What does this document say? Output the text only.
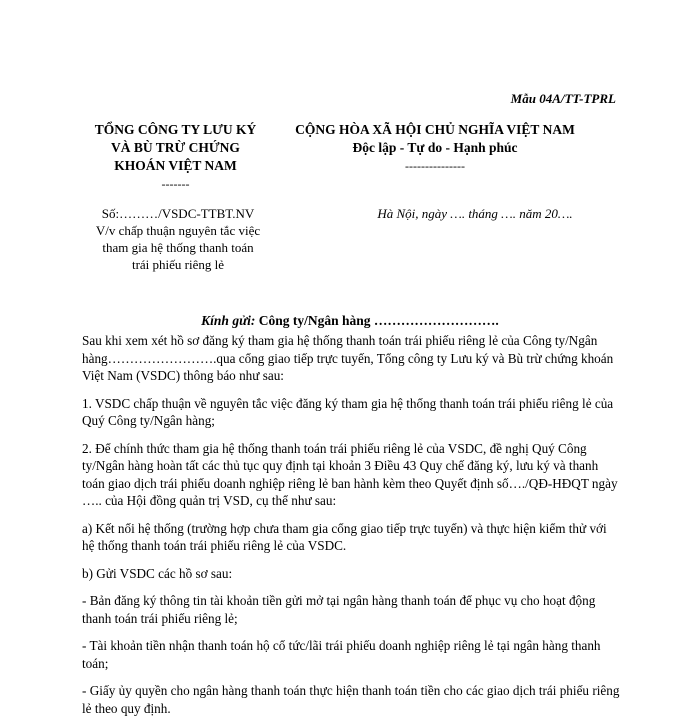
Mẫu 04A/TT-TPRL
TỔNG CÔNG TY LƯU KÝ
VÀ BÙ TRỪ CHỨNG
KHOÁN VIỆT NAM
-------
CỘNG HÒA XÃ HỘI CHỦ NGHĨA VIỆT NAM
Độc lập - Tự do - Hạnh phúc
---------------
Số:………/VSDC-TTBT.NV
V/v chấp thuận nguyên tắc việc
tham gia hệ thống thanh toán
trái phiếu riêng lẻ
Hà Nội, ngày …. tháng …. năm 20….
Kính gửi: Công ty/Ngân hàng ……………………….

Sau khi xem xét hồ sơ đăng ký tham gia hệ thống thanh toán trái phiếu riêng lẻ của Công ty/Ngân hàng…………………….qua cổng giao tiếp trực tuyến, Tổng công ty Lưu ký và Bù trừ chứng khoán Việt Nam (VSDC) thông báo như sau:

1. VSDC chấp thuận về nguyên tắc việc đăng ký tham gia hệ thống thanh toán trái phiếu riêng lẻ của Quý Công ty/Ngân hàng;

2. Để chính thức tham gia hệ thống thanh toán trái phiếu riêng lẻ của VSDC, đề nghị Quý Công ty/Ngân hàng hoàn tất các thủ tục quy định tại khoản 3 Điều 43 Quy chế đăng ký, lưu ký và thanh toán giao dịch trái phiếu doanh nghiệp riêng lẻ ban hành kèm theo Quyết định số…./QĐ-HĐQT ngày ….. của Hội đồng quản trị VSD, cụ thể như sau:

a) Kết nối hệ thống (trường hợp chưa tham gia cổng giao tiếp trực tuyến) và thực hiện kiểm thử với hệ thống thanh toán trái phiếu riêng lẻ của VSDC.

b) Gửi VSDC các hồ sơ sau:

- Bản đăng ký thông tin tài khoản tiền gửi mở tại ngân hàng thanh toán để phục vụ cho hoạt động thanh toán trái phiếu riêng lẻ;

- Tài khoản tiền nhận thanh toán hộ cổ tức/lãi trái phiếu doanh nghiệp riêng lẻ tại ngân hàng thanh toán;

- Giấy ủy quyền cho ngân hàng thanh toán thực hiện thanh toán tiền cho các giao dịch trái phiếu riêng lẻ theo quy định.
